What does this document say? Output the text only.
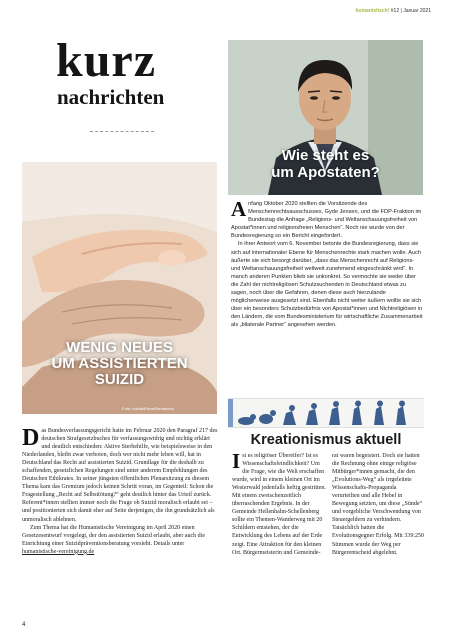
humanistisch! #12 | Januar 2021
kurz
nachrichten
Wie steht es
um Apostaten?
WENIG NEUES
UM ASSISTIERTEN
SUIZID
Foto: fotolia/ElenaRomanova

Anfang Oktober 2020 stellten die Vorsitzende des Menschenrechtsausschusses, Gyde Jensen, und die FDP-Fraktion im Bundestag die Anfrage „Religions- und Weltanschauungsfreiheit von Apostat*innen und religionsfreien Menschen“. Noch nie wurde von der Bundesregierung so ein Bericht eingefordert.

In ihrer Antwort vom 6. November betonte die Bundesregierung, dass sie sich auf internationaler Ebene für Menschenrechte stark machen wolle. Auch äußerte sie sich besorgt darüber, „dass das Menschenrecht auf Religions- und Weltanschauungsfreiheit weltweit zunehmend eingeschränkt wird“. In manch anderen Punkten blieb sie unkonkret. So vermochte sie weder über die Zahl der nichtreligiösen Schutzsuchenden in Deutschland etwas zu sagen, noch über die Gefahren, denen diese auch hierzulande möglicherweise ausgesetzt sind. Ebenfalls nicht weiter äußern wollte sie sich über ein besonders Schutzbedürfnis von Apostat*innen und Nichtreligiösen in den Ländern, die vom Bundesministerium für wirtschaftliche Zusammenarbeit als „bilaterale Partner“ angesehen werden.

Kreationismus aktuell

Das Bundesverfassungsgericht hatte im Februar 2020 den Paragraf 217 des deutschen Strafgesetzbuches für verfassungswidrig und nichtig erklärt und deutlich entschieden: Aktive Sterbehilfe, wie beispielsweise in den Niederlanden, bleibt zwar verboten, doch wer nicht mehr leben will, hat in Deutschland das Recht auf assistierten Suizid. Grundlage für die deshalb zu schaffenden, gesetzlichen Regelungen sind unter anderem Empfehlungen des Deutschen Ethikrates. In seiner jüngsten öffentlichen Plenarsitzung zu diesem Thema kam das Gremium jedoch keinen Schritt voran, im Gegenteil: Schon die Fragestellung „Recht auf Selbsttötung?“ geht deutlich hinter das Urteil zurück. Referent*innen stellten immer noch die Frage ob Suizid moralisch erlaubt sei – und positionierten sich damit eher auf Seite derjenigen, die ihn grundsätzlich als unmoralisch ablehnen.

Zum Thema hat die Humanistische Vereinigung im April 2020 einen Gesetzesentwurf vorgelegt, der den assistierten Suizid erlaubt, aber auch die Einrichtung einer Suizidpräventionsberatung vorsieht. Details unter humanistische-vereinigung.de

Ist es religiöser Übereifer? Ist es Wissenschaftsfeindlichkeit? Um die Frage, wie die Welt erschaffen wurde, wird in einem kleinen Ort im Westerwald jedenfalls heftig gestritten. Mit einem zweischenzeitlich überraschenden Ergebnis. In der Gemeinde Hellenhahn-Schellenberg sollte ein Themen-Wanderweg mit 20 Schildern entstehen, der die Entwicklung des Lebens auf der Erde zeigt. Eine Attraktion für den kleinen Ort. Bürgermeisterin und Gemeinde-

rat waren begeistert. Doch sie hatten die Rechnung ohne einige religiöse Mitbürger*innen gemacht, die den „Evolutions-Weg“ als irrgeleitete Wissenschafts-Propaganda verurteilten und alle Hebel in Bewegung setzten, um diese „Sünde“ und vorgebliche Verschwendung von Steuergeldern zu verhindern. Tatsächlich hatten die Evolutionsgegner Erfolg. Mit 339:250 Stimmen wurde der Weg per Bürgerentscheid abgelehnt.

4
